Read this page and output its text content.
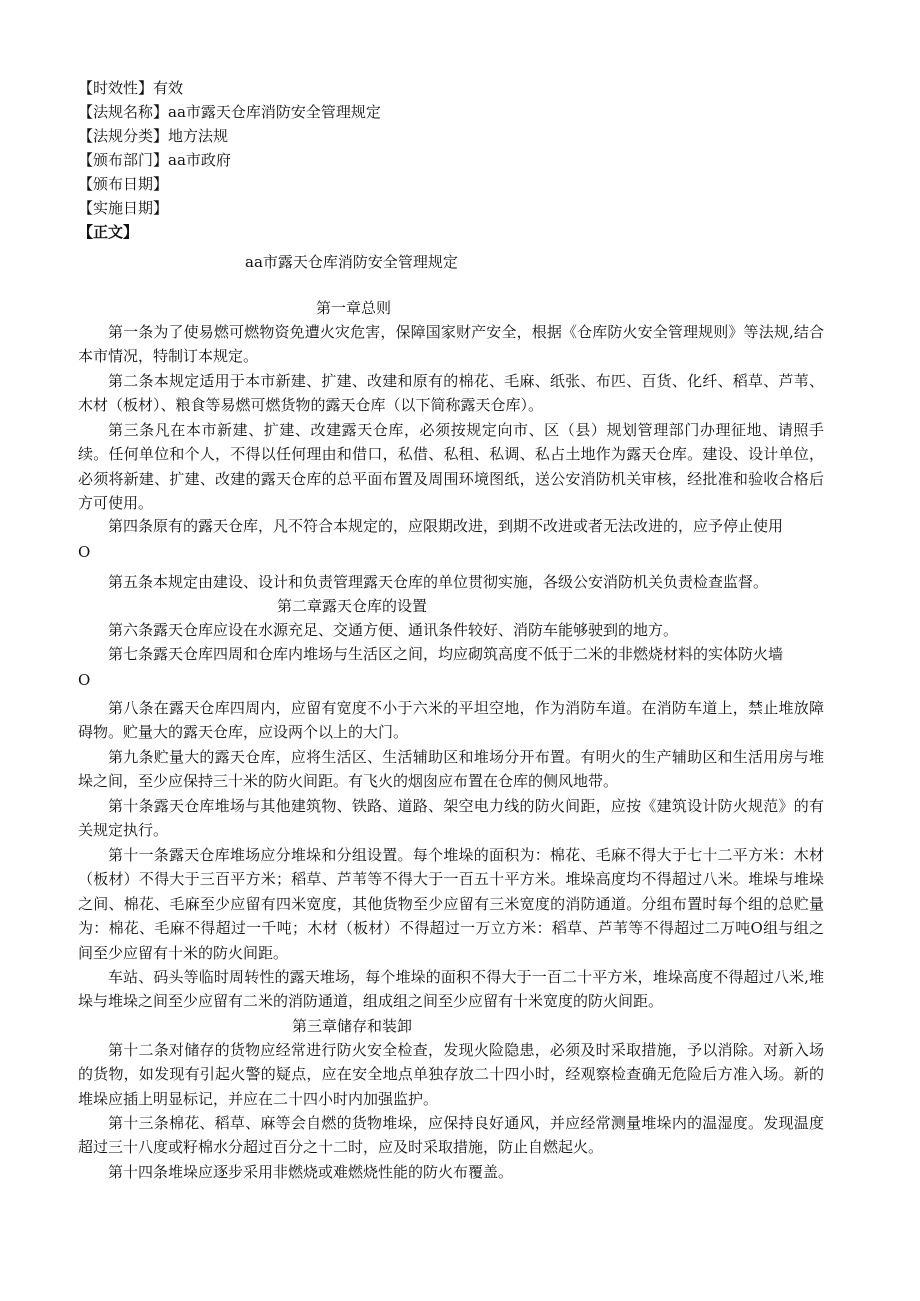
【时效性】有效
【法规名称】aa市露天仓库消防安全管理规定
【法规分类】地方法规
【颁布部门】aa市政府
【颁布日期】
【实施日期】
【正文】
aa市露天仓库消防安全管理规定
第一章总则

第一条为了使易燃可燃物资免遭火灾危害，保障国家财产安全，根据《仓库防火安全管理规则》等法规,结合本市情况，特制订本规定。

第二条本规定适用于本市新建、扩建、改建和原有的棉花、毛麻、纸张、布匹、百货、化纤、稻草、芦苇、木材（板材）、粮食等易燃可燃货物的露天仓库（以下简称露天仓库）。

第三条凡在本市新建、扩建、改建露天仓库，必须按规定向市、区（县）规划管理部门办理征地、请照手续。任何单位和个人，不得以任何理由和借口，私借、私租、私调、私占土地作为露天仓库。建设、设计单位，必须将新建、扩建、改建的露天仓库的总平面布置及周围环境图纸，送公安消防机关审核，经批准和验收合格后方可使用。

第四条原有的露天仓库，凡不符合本规定的，应限期改进，到期不改进或者无法改进的，应予停止使用

O

第五条本规定由建设、设计和负责管理露天仓库的单位贯彻实施，各级公安消防机关负责检查监督。

第二章露天仓库的设置

第六条露天仓库应设在水源充足、交通方便、通讯条件较好、消防车能够驶到的地方。

第七条露天仓库四周和仓库内堆场与生活区之间，均应砌筑高度不低于二米的非燃烧材料的实体防火墙

O

第八条在露天仓库四周内，应留有宽度不小于六米的平坦空地，作为消防车道。在消防车道上，禁止堆放障碍物。贮量大的露天仓库，应设两个以上的大门。

第九条贮量大的露天仓库，应将生活区、生活辅助区和堆场分开布置。有明火的生产辅助区和生活用房与堆垛之间，至少应保持三十米的防火间距。有飞火的烟囱应布置在仓库的侧风地带。

第十条露天仓库堆场与其他建筑物、铁路、道路、架空电力线的防火间距，应按《建筑设计防火规范》的有关规定执行。

第十一条露天仓库堆场应分堆垛和分组设置。每个堆垛的面积为：棉花、毛麻不得大于七十二平方米：木材（板材）不得大于三百平方米；稻草、芦苇等不得大于一百五十平方米。堆垛高度均不得超过八米。堆垛与堆垛之间、棉花、毛麻至少应留有四米宽度，其他货物至少应留有三米宽度的消防通道。分组布置时每个组的总贮量为：棉花、毛麻不得超过一千吨；木材（板材）不得超过一万立方米：稻草、芦苇等不得超过二万吨O组与组之间至少应留有十米的防火间距。

车站、码头等临时周转性的露天堆场，每个堆垛的面积不得大于一百二十平方米，堆垛高度不得超过八米,堆垛与堆垛之间至少应留有二米的消防通道，组成组之间至少应留有十米宽度的防火间距。

第三章储存和装卸

第十二条对储存的货物应经常进行防火安全检查，发现火险隐患，必须及时采取措施，予以消除。对新入场的货物，如发现有引起火警的疑点，应在安全地点单独存放二十四小时，经观察检查确无危险后方准入场。新的堆垛应插上明显标记，并应在二十四小时内加强监护。

第十三条棉花、稻草、麻等会自燃的货物堆垛，应保持良好通风，并应经常测量堆垛内的温湿度。发现温度超过三十八度或籽棉水分超过百分之十二时，应及时采取措施，防止自燃起火。

第十四条堆垛应逐步采用非燃烧或难燃烧性能的防火布覆盖。
